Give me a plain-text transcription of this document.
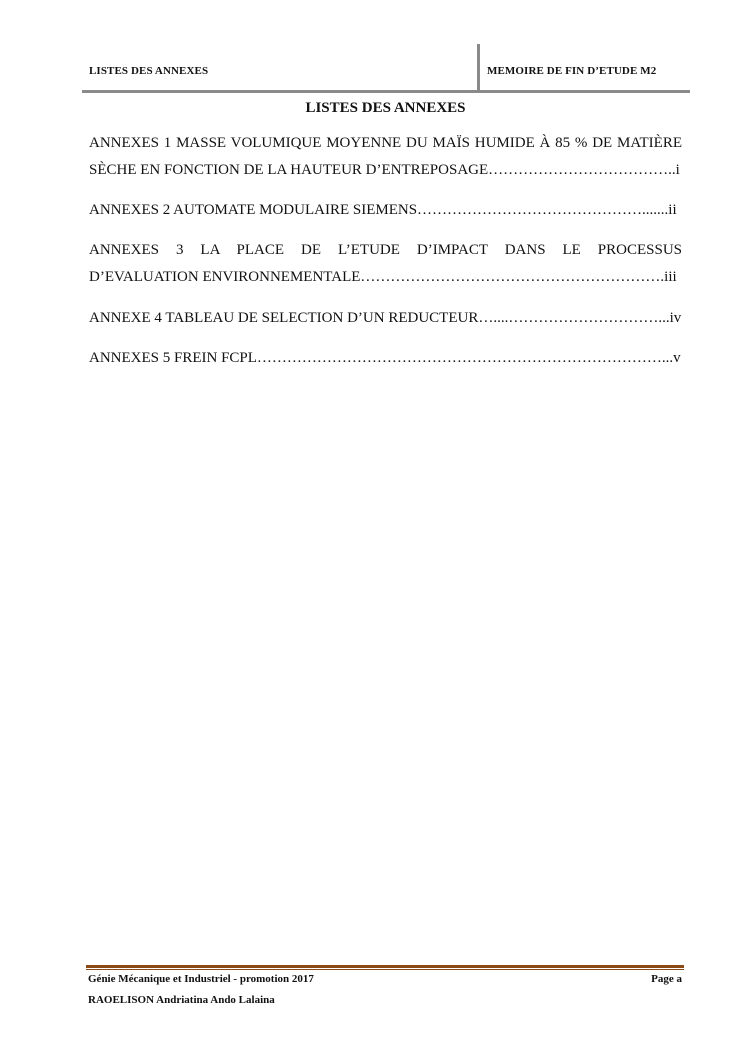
LISTES DES ANNEXES	MEMOIRE DE FIN D’ETUDE M2
LISTES DES ANNEXES
ANNEXES 1 MASSE VOLUMIQUE MOYENNE DU MAÏS HUMIDE À 85 % DE MATIÈRE
SÈCHE EN FONCTION DE LA HAUTEUR D’ENTREPOSAGE………………………………..i
ANNEXES 2 AUTOMATE MODULAIRE SIEMENS……………………………………….......ii
ANNEXES 3 LA PLACE DE L’ETUDE D’IMPACT DANS LE PROCESSUS
D’EVALUATION ENVIRONNEMENTALE…………………………………………………….iii
ANNEXE 4 TABLEAU DE SELECTION D’UN REDUCTEUR…....…………………………...iv
ANNEXES 5 FREIN FCPL………………………………………………………………………...v
Génie Mécanique et Industriel - promotion 2017	Page a
RAOELISON Andriatina Ando Lalaina
